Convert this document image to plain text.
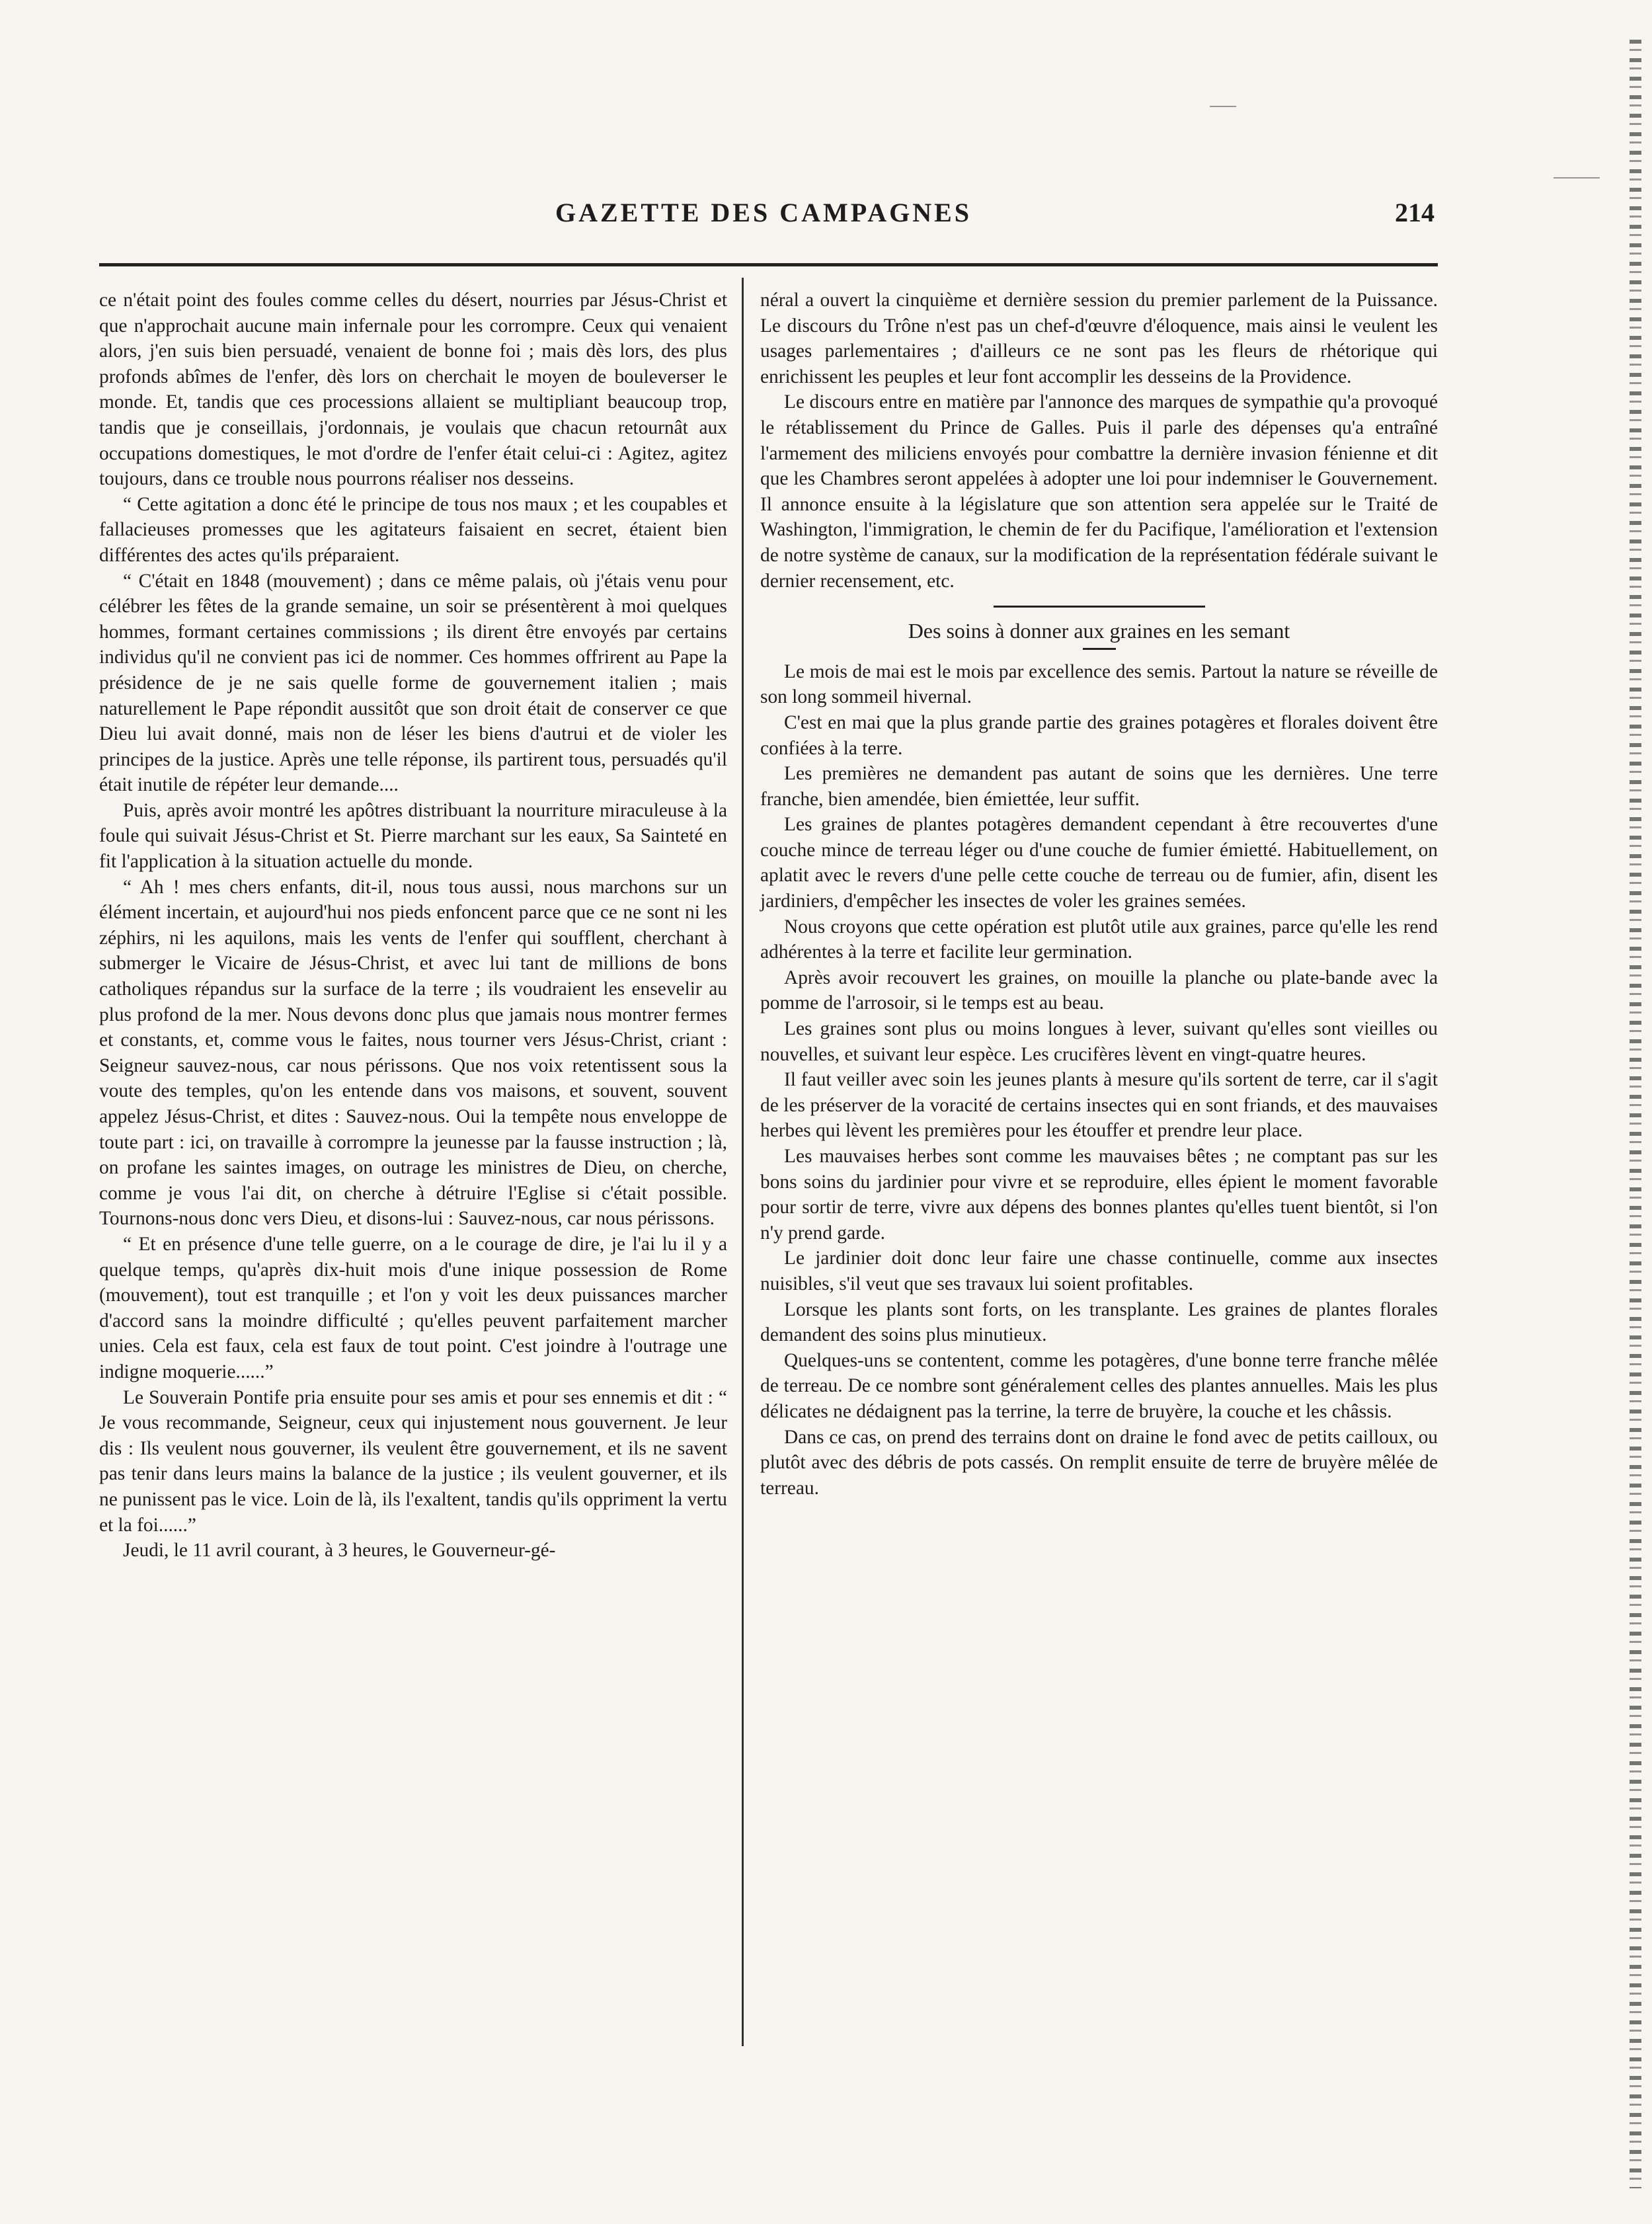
GAZETTE DES CAMPAGNES	214

ce n'était point des foules comme celles du désert, nourries par Jésus-Christ et que n'approchait aucune main infernale pour les corrompre. Ceux qui venaient alors, j'en suis bien persuadé, venaient de bonne foi ; mais dès lors, des plus profonds abîmes de l'enfer, dès lors on cherchait le moyen de bouleverser le monde. Et, tandis que ces processions allaient se multipliant beaucoup trop, tandis que je conseillais, j'ordonnais, je voulais que chacun retournât aux occupations domestiques, le mot d'ordre de l'enfer était celui-ci : Agitez, agitez toujours, dans ce trouble nous pourrons réaliser nos desseins.

“ Cette agitation a donc été le principe de tous nos maux ; et les coupables et fallacieuses promesses que les agitateurs faisaient en secret, étaient bien différentes des actes qu'ils préparaient.

“ C'était en 1848 (mouvement) ; dans ce même palais, où j'étais venu pour célébrer les fêtes de la grande semaine, un soir se présentèrent à moi quelques hommes, formant certaines commissions ; ils dirent être envoyés par certains individus qu'il ne convient pas ici de nommer. Ces hommes offrirent au Pape la présidence de je ne sais quelle forme de gouvernement italien ; mais naturellement le Pape répondit aussitôt que son droit était de conserver ce que Dieu lui avait donné, mais non de léser les biens d'autrui et de violer les principes de la justice. Après une telle réponse, ils partirent tous, persuadés qu'il était inutile de répéter leur demande....

Puis, après avoir montré les apôtres distribuant la nourriture miraculeuse à la foule qui suivait Jésus-Christ et St. Pierre marchant sur les eaux, Sa Sainteté en fit l'application à la situation actuelle du monde.

“ Ah ! mes chers enfants, dit-il, nous tous aussi, nous marchons sur un élément incertain, et aujourd'hui nos pieds enfoncent parce que ce ne sont ni les zéphirs, ni les aquilons, mais les vents de l'enfer qui soufflent, cherchant à submerger le Vicaire de Jésus-Christ, et avec lui tant de millions de bons catholiques répandus sur la surface de la terre ; ils voudraient les ensevelir au plus profond de la mer. Nous devons donc plus que jamais nous montrer fermes et constants, et, comme vous le faites, nous tourner vers Jésus-Christ, criant : Seigneur sauvez-nous, car nous périssons. Que nos voix retentissent sous la voute des temples, qu'on les entende dans vos maisons, et souvent, souvent appelez Jésus-Christ, et dites : Sauvez-nous. Oui la tempête nous enveloppe de toute part : ici, on travaille à corrompre la jeunesse par la fausse instruction ; là, on profane les saintes images, on outrage les ministres de Dieu, on cherche, comme je vous l'ai dit, on cherche à détruire l'Eglise si c'était possible. Tournons-nous donc vers Dieu, et disons-lui : Sauvez-nous, car nous périssons.

“ Et en présence d'une telle guerre, on a le courage de dire, je l'ai lu il y a quelque temps, qu'après dix-huit mois d'une inique possession de Rome (mouvement), tout est tranquille ; et l'on y voit les deux puissances marcher d'accord sans la moindre difficulté ; qu'elles peuvent parfaitement marcher unies. Cela est faux, cela est faux de tout point. C'est joindre à l'outrage une indigne moquerie......”

Le Souverain Pontife pria ensuite pour ses amis et pour ses ennemis et dit : “ Je vous recommande, Seigneur, ceux qui injustement nous gouvernent. Je leur dis : Ils veulent nous gouverner, ils veulent être gouvernement, et ils ne savent pas tenir dans leurs mains la balance de la justice ; ils veulent gouverner, et ils ne punissent pas le vice. Loin de là, ils l'exaltent, tandis qu'ils oppriment la vertu et la foi......”

Jeudi, le 11 avril courant, à 3 heures, le Gouverneur-gé-

néral a ouvert la cinquième et dernière session du premier parlement de la Puissance. Le discours du Trône n'est pas un chef-d'œuvre d'éloquence, mais ainsi le veulent les usages parlementaires ; d'ailleurs ce ne sont pas les fleurs de rhétorique qui enrichissent les peuples et leur font accomplir les desseins de la Providence.

Le discours entre en matière par l'annonce des marques de sympathie qu'a provoqué le rétablissement du Prince de Galles. Puis il parle des dépenses qu'a entraîné l'armement des miliciens envoyés pour combattre la dernière invasion fénienne et dit que les Chambres seront appelées à adopter une loi pour indemniser le Gouvernement. Il annonce ensuite à la législature que son attention sera appelée sur le Traité de Washington, l'immigration, le chemin de fer du Pacifique, l'amélioration et l'extension de notre système de canaux, sur la modification de la représentation fédérale suivant le dernier recensement, etc.

Des soins à donner aux graines en les semant

Le mois de mai est le mois par excellence des semis. Partout la nature se réveille de son long sommeil hivernal.

C'est en mai que la plus grande partie des graines potagères et florales doivent être confiées à la terre.

Les premières ne demandent pas autant de soins que les dernières. Une terre franche, bien amendée, bien émiettée, leur suffit.

Les graines de plantes potagères demandent cependant à être recouvertes d'une couche mince de terreau léger ou d'une couche de fumier émietté. Habituellement, on aplatit avec le revers d'une pelle cette couche de terreau ou de fumier, afin, disent les jardiniers, d'empêcher les insectes de voler les graines semées.

Nous croyons que cette opération est plutôt utile aux graines, parce qu'elle les rend adhérentes à la terre et facilite leur germination.

Après avoir recouvert les graines, on mouille la planche ou plate-bande avec la pomme de l'arrosoir, si le temps est au beau.

Les graines sont plus ou moins longues à lever, suivant qu'elles sont vieilles ou nouvelles, et suivant leur espèce. Les crucifères lèvent en vingt-quatre heures.

Il faut veiller avec soin les jeunes plants à mesure qu'ils sortent de terre, car il s'agit de les préserver de la voracité de certains insectes qui en sont friands, et des mauvaises herbes qui lèvent les premières pour les étouffer et prendre leur place.

Les mauvaises herbes sont comme les mauvaises bêtes ; ne comptant pas sur les bons soins du jardinier pour vivre et se reproduire, elles épient le moment favorable pour sortir de terre, vivre aux dépens des bonnes plantes qu'elles tuent bientôt, si l'on n'y prend garde.

Le jardinier doit donc leur faire une chasse continuelle, comme aux insectes nuisibles, s'il veut que ses travaux lui soient profitables.

Lorsque les plants sont forts, on les transplante. Les graines de plantes florales demandent des soins plus minutieux.

Quelques-uns se contentent, comme les potagères, d'une bonne terre franche mêlée de terreau. De ce nombre sont généralement celles des plantes annuelles. Mais les plus délicates ne dédaignent pas la terrine, la terre de bruyère, la couche et les châssis.

Dans ce cas, on prend des terrains dont on draine le fond avec de petits cailloux, ou plutôt avec des débris de pots cassés. On remplit ensuite de terre de bruyère mêlée de terreau.
